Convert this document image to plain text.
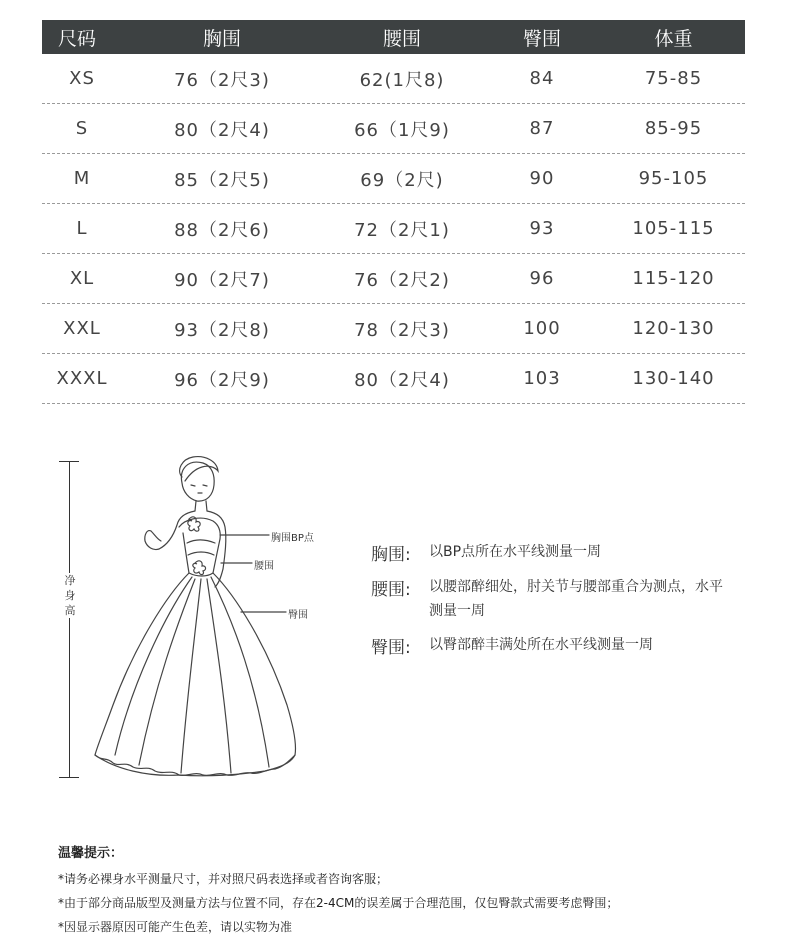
尺码	胸围	腰围	臀围	体重
XS	76（2尺3)	62(1尺8)	84	75-85
S	80（2尺4)	66（1尺9)	87	85-95
M	85（2尺5)	69（2尺)	90	95-105
L	88（2尺6)	72（2尺1)	93	105-115
XL	90（2尺7)	76（2尺2)	96	115-120
XXL	93（2尺8)	78（2尺3)	100	120-130
XXXL	96（2尺9)	80（2尺4)	103	130-140
净身高
胸围BP点
腰围
臀围
胸围:	以BP点所在水平线测量一周
腰围:	以腰部醉细处，肘关节与腰部重合为测点，水平测量一周
臀围:	以臀部醉丰满处所在水平线测量一周
温馨提示：
*请务必裸身水平测量尺寸，并对照尺码表选择或者咨询客服；
*由于部分商品版型及测量方法与位置不同，存在2-4CM的误差属于合理范围，仅包臀款式需要考虑臀围；
*因显示器原因可能产生色差，请以实物为准
